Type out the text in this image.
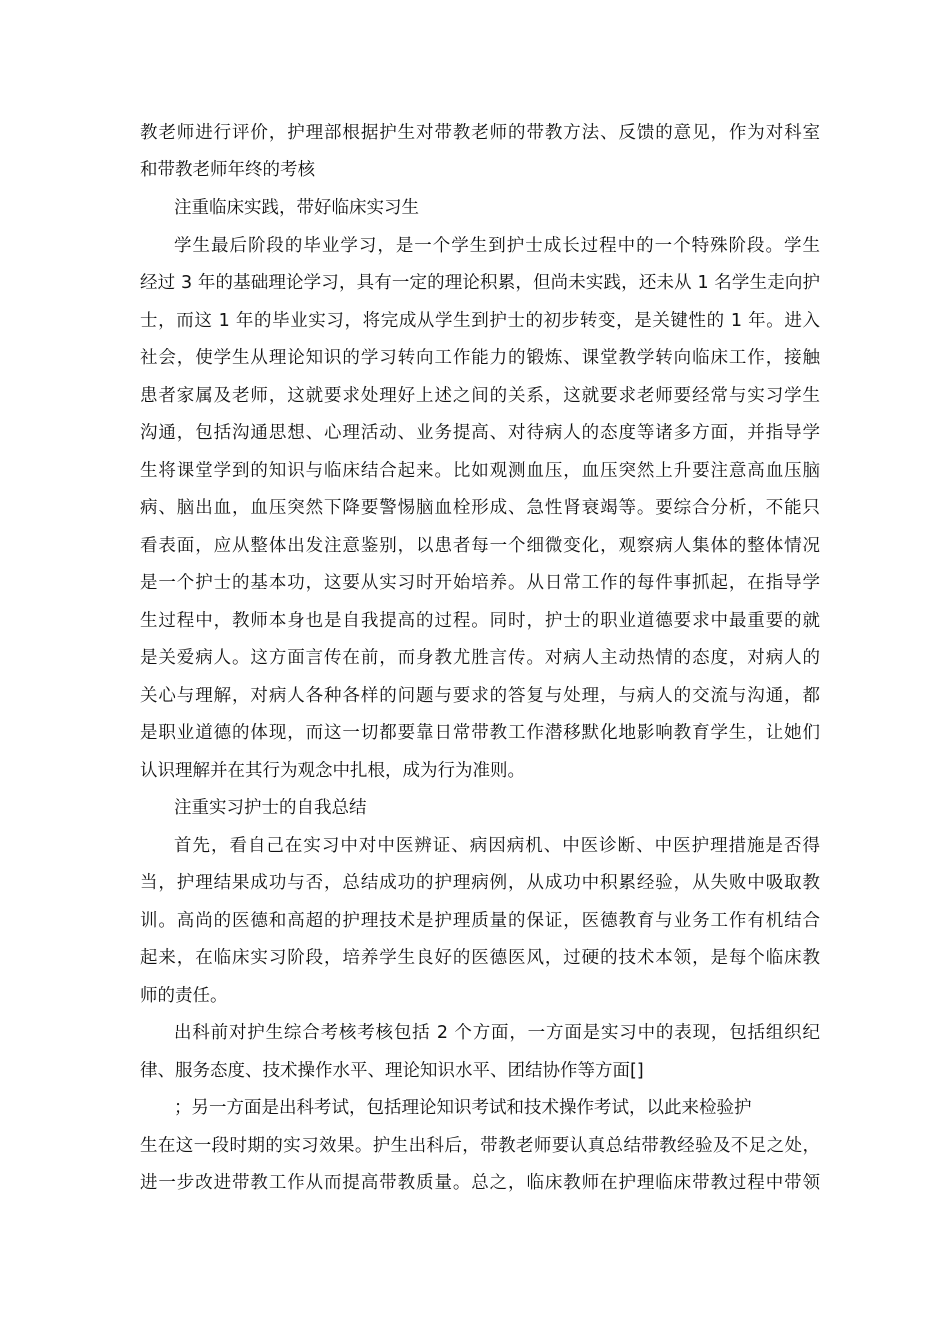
教老师进行评价，护理部根据护生对带教老师的带教方法、反馈的意见，作为对科室
和带教老师年终的考核
注重临床实践，带好临床实习生
学生最后阶段的毕业学习，是一个学生到护士成长过程中的一个特殊阶段。学生
经过 3 年的基础理论学习，具有一定的理论积累，但尚未实践，还未从 1 名学生走向护
士，而这 1 年的毕业实习，将完成从学生到护士的初步转变，是关键性的 1 年。进入
社会，使学生从理论知识的学习转向工作能力的锻炼、课堂教学转向临床工作，接触
患者家属及老师，这就要求处理好上述之间的关系，这就要求老师要经常与实习学生
沟通，包括沟通思想、心理活动、业务提高、对待病人的态度等诸多方面，并指导学
生将课堂学到的知识与临床结合起来。比如观测血压，血压突然上升要注意高血压脑
病、脑出血，血压突然下降要警惕脑血栓形成、急性肾衰竭等。要综合分析，不能只
看表面，应从整体出发注意鉴别，以患者每一个细微变化，观察病人集体的整体情况
是一个护士的基本功，这要从实习时开始培养。从日常工作的每件事抓起，在指导学
生过程中，教师本身也是自我提高的过程。同时，护士的职业道德要求中最重要的就
是关爱病人。这方面言传在前，而身教尤胜言传。对病人主动热情的态度，对病人的
关心与理解，对病人各种各样的问题与要求的答复与处理，与病人的交流与沟通，都
是职业道德的体现，而这一切都要靠日常带教工作潜移默化地影响教育学生，让她们
认识理解并在其行为观念中扎根，成为行为准则。
注重实习护士的自我总结
首先，看自己在实习中对中医辨证、病因病机、中医诊断、中医护理措施是否得
当，护理结果成功与否，总结成功的护理病例，从成功中积累经验，从失败中吸取教
训。高尚的医德和高超的护理技术是护理质量的保证，医德教育与业务工作有机结合
起来，在临床实习阶段，培养学生良好的医德医风，过硬的技术本领，是每个临床教
师的责任。
出科前对护生综合考核考核包括 2 个方面，一方面是实习中的表现，包括组织纪
律、服务态度、技术操作水平、理论知识水平、团结协作等方面[]
；另一方面是出科考试，包括理论知识考试和技术操作考试，以此来检验护
生在这一段时期的实习效果。护生出科后，带教老师要认真总结带教经验及不足之处，
进一步改进带教工作从而提高带教质量。总之，临床教师在护理临床带教过程中带领
